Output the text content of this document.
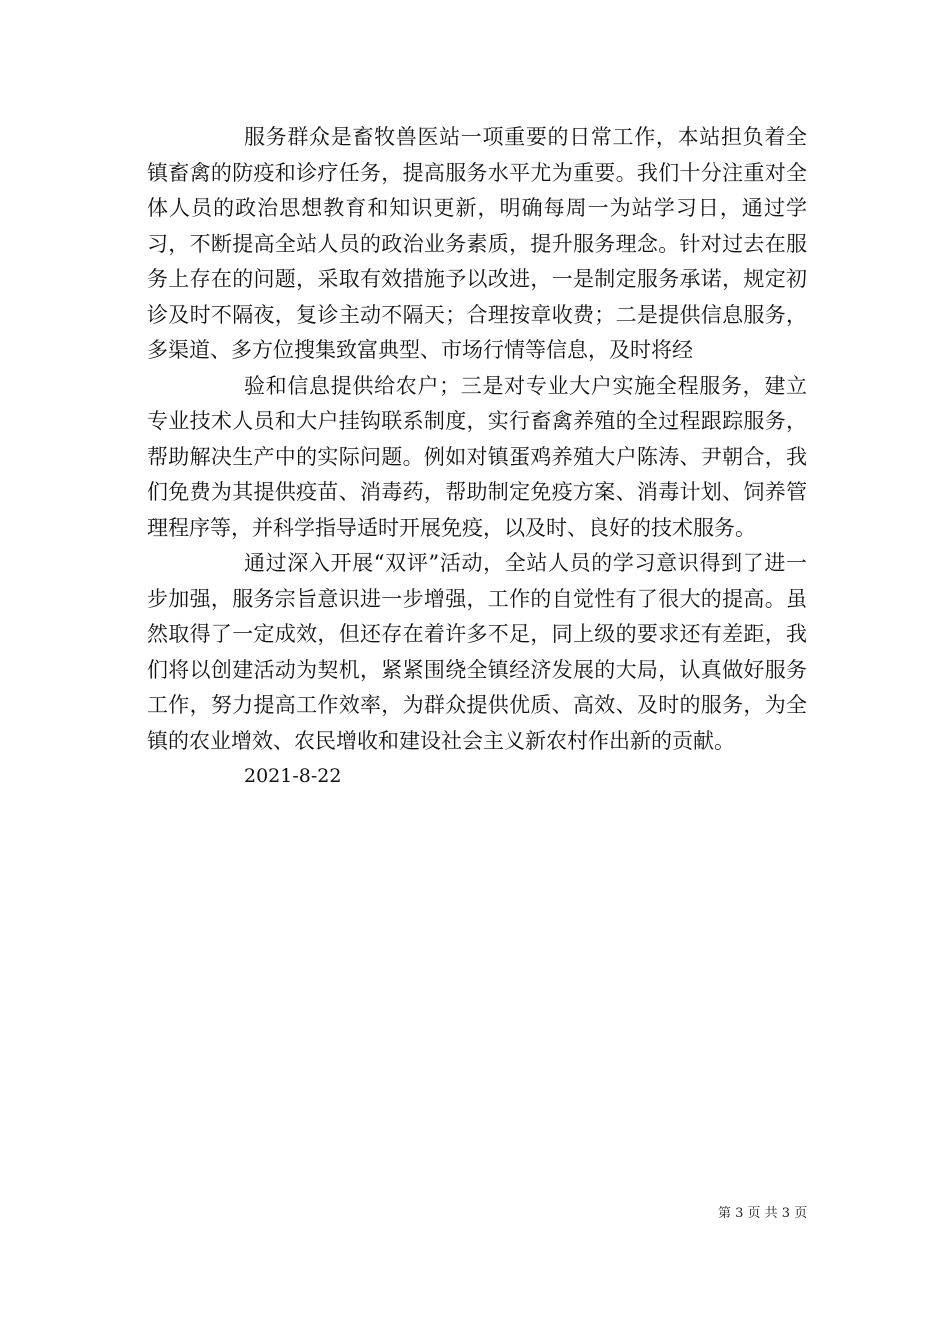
服务群众是畜牧兽医站一项重要的日常工作，本站担负着全镇畜禽的防疫和诊疗任务，提高服务水平尤为重要。我们十分注重对全体人员的政治思想教育和知识更新，明确每周一为站学习日，通过学习，不断提高全站人员的政治业务素质，提升服务理念。针对过去在服务上存在的问题，采取有效措施予以改进，一是制定服务承诺，规定初诊及时不隔夜，复诊主动不隔天；合理按章收费；二是提供信息服务，多渠道、多方位搜集致富典型、市场行情等信息，及时将经

验和信息提供给农户；三是对专业大户实施全程服务，建立专业技术人员和大户挂钩联系制度，实行畜禽养殖的全过程跟踪服务，帮助解决生产中的实际问题。例如对镇蛋鸡养殖大户陈涛、尹朝合，我们免费为其提供疫苗、消毒药，帮助制定免疫方案、消毒计划、饲养管理程序等，并科学指导适时开展免疫，以及时、良好的技术服务。

通过深入开展“双评”活动，全站人员的学习意识得到了进一步加强，服务宗旨意识进一步增强，工作的自觉性有了很大的提高。虽然取得了一定成效，但还存在着许多不足，同上级的要求还有差距，我们将以创建活动为契机，紧紧围绕全镇经济发展的大局，认真做好服务工作，努力提高工作效率，为群众提供优质、高效、及时的服务，为全镇的农业增效、农民增收和建设社会主义新农村作出新的贡献。

2021-8-22

第 3 页 共 3 页
